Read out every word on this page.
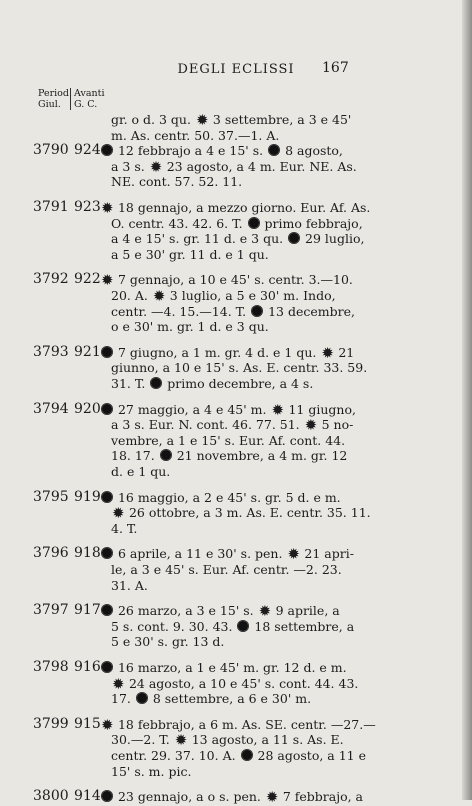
DEGLI ECLISSI	167
Period.
Giul.
Avanti
G. C.
gr. o d. 3 qu. ✹ 3 settembre, a 3 e 45'
m. As. centr. 50. 37.—1. A.
3790 924	12 febbrajo a 4 e 15' s.  8 agosto,
a 3 s. ✹ 23 agosto, a 4 m. Eur. NE. As.
NE. cont. 57. 52. 11.
3791 923 ✹ 18 gennajo, a mezzo giorno. Eur. Af. As.
O. centr. 43. 42. 6. T.  primo febbrajo,
a 4 e 15' s. gr. 11 d. e 3 qu.  29 luglio,
a 5 e 30' gr. 11 d. e 1 qu.
3792 922 ✹ 7 gennajo, a 10 e 45' s. centr. 3.—10.
20. A. ✹ 3 luglio, a 5 e 30' m. Indo,
centr. —4. 15.—14. T.  13 decembre,
o e 30' m. gr. 1 d. e 3 qu.
3793 921	7 giugno, a 1 m. gr. 4 d. e 1 qu. ✹ 21
giunno, a 10 e 15' s. As. E. centr. 33. 59.
31. T.  primo decembre, a 4 s.
3794 920	27 maggio, a 4 e 45' m. ✹ 11 giugno,
a 3 s. Eur. N. cont. 46. 77. 51. ✹ 5 no-
vembre, a 1 e 15' s. Eur. Af. cont. 44.
18. 17.  21 novembre, a 4 m. gr. 12
d. e 1 qu.
3795 919	16 maggio, a 2 e 45' s. gr. 5 d. e m.
✹ 26 ottobre, a 3 m. As. E. centr. 35. 11.
4. T.
3796 918	6 aprile, a 11 e 30' s. pen. ✹ 21 apri-
le, a 3 e 45' s. Eur. Af. centr. —2. 23.
31. A.
3797 917	26 marzo, a 3 e 15' s. ✹ 9 aprile, a
5 s. cont. 9. 30. 43.  18 settembre, a
5 e 30' s. gr. 13 d.
3798 916	16 marzo, a 1 e 45' m. gr. 12 d. e m.
✹ 24 agosto, a 10 e 45' s. cont. 44. 43.
17.  8 settembre, a 6 e 30' m.
3799 915 ✹ 18 febbrajo, a 6 m. As. SE. centr. —27.—
30.—2. T. ✹ 13 agosto, a 11 s. As. E.
centr. 29. 37. 10. A.  28 agosto, a 11 e
15' s. m. pic.
3800 914	23 gennajo, a o s. pen. ✹ 7 febbrajo, a
